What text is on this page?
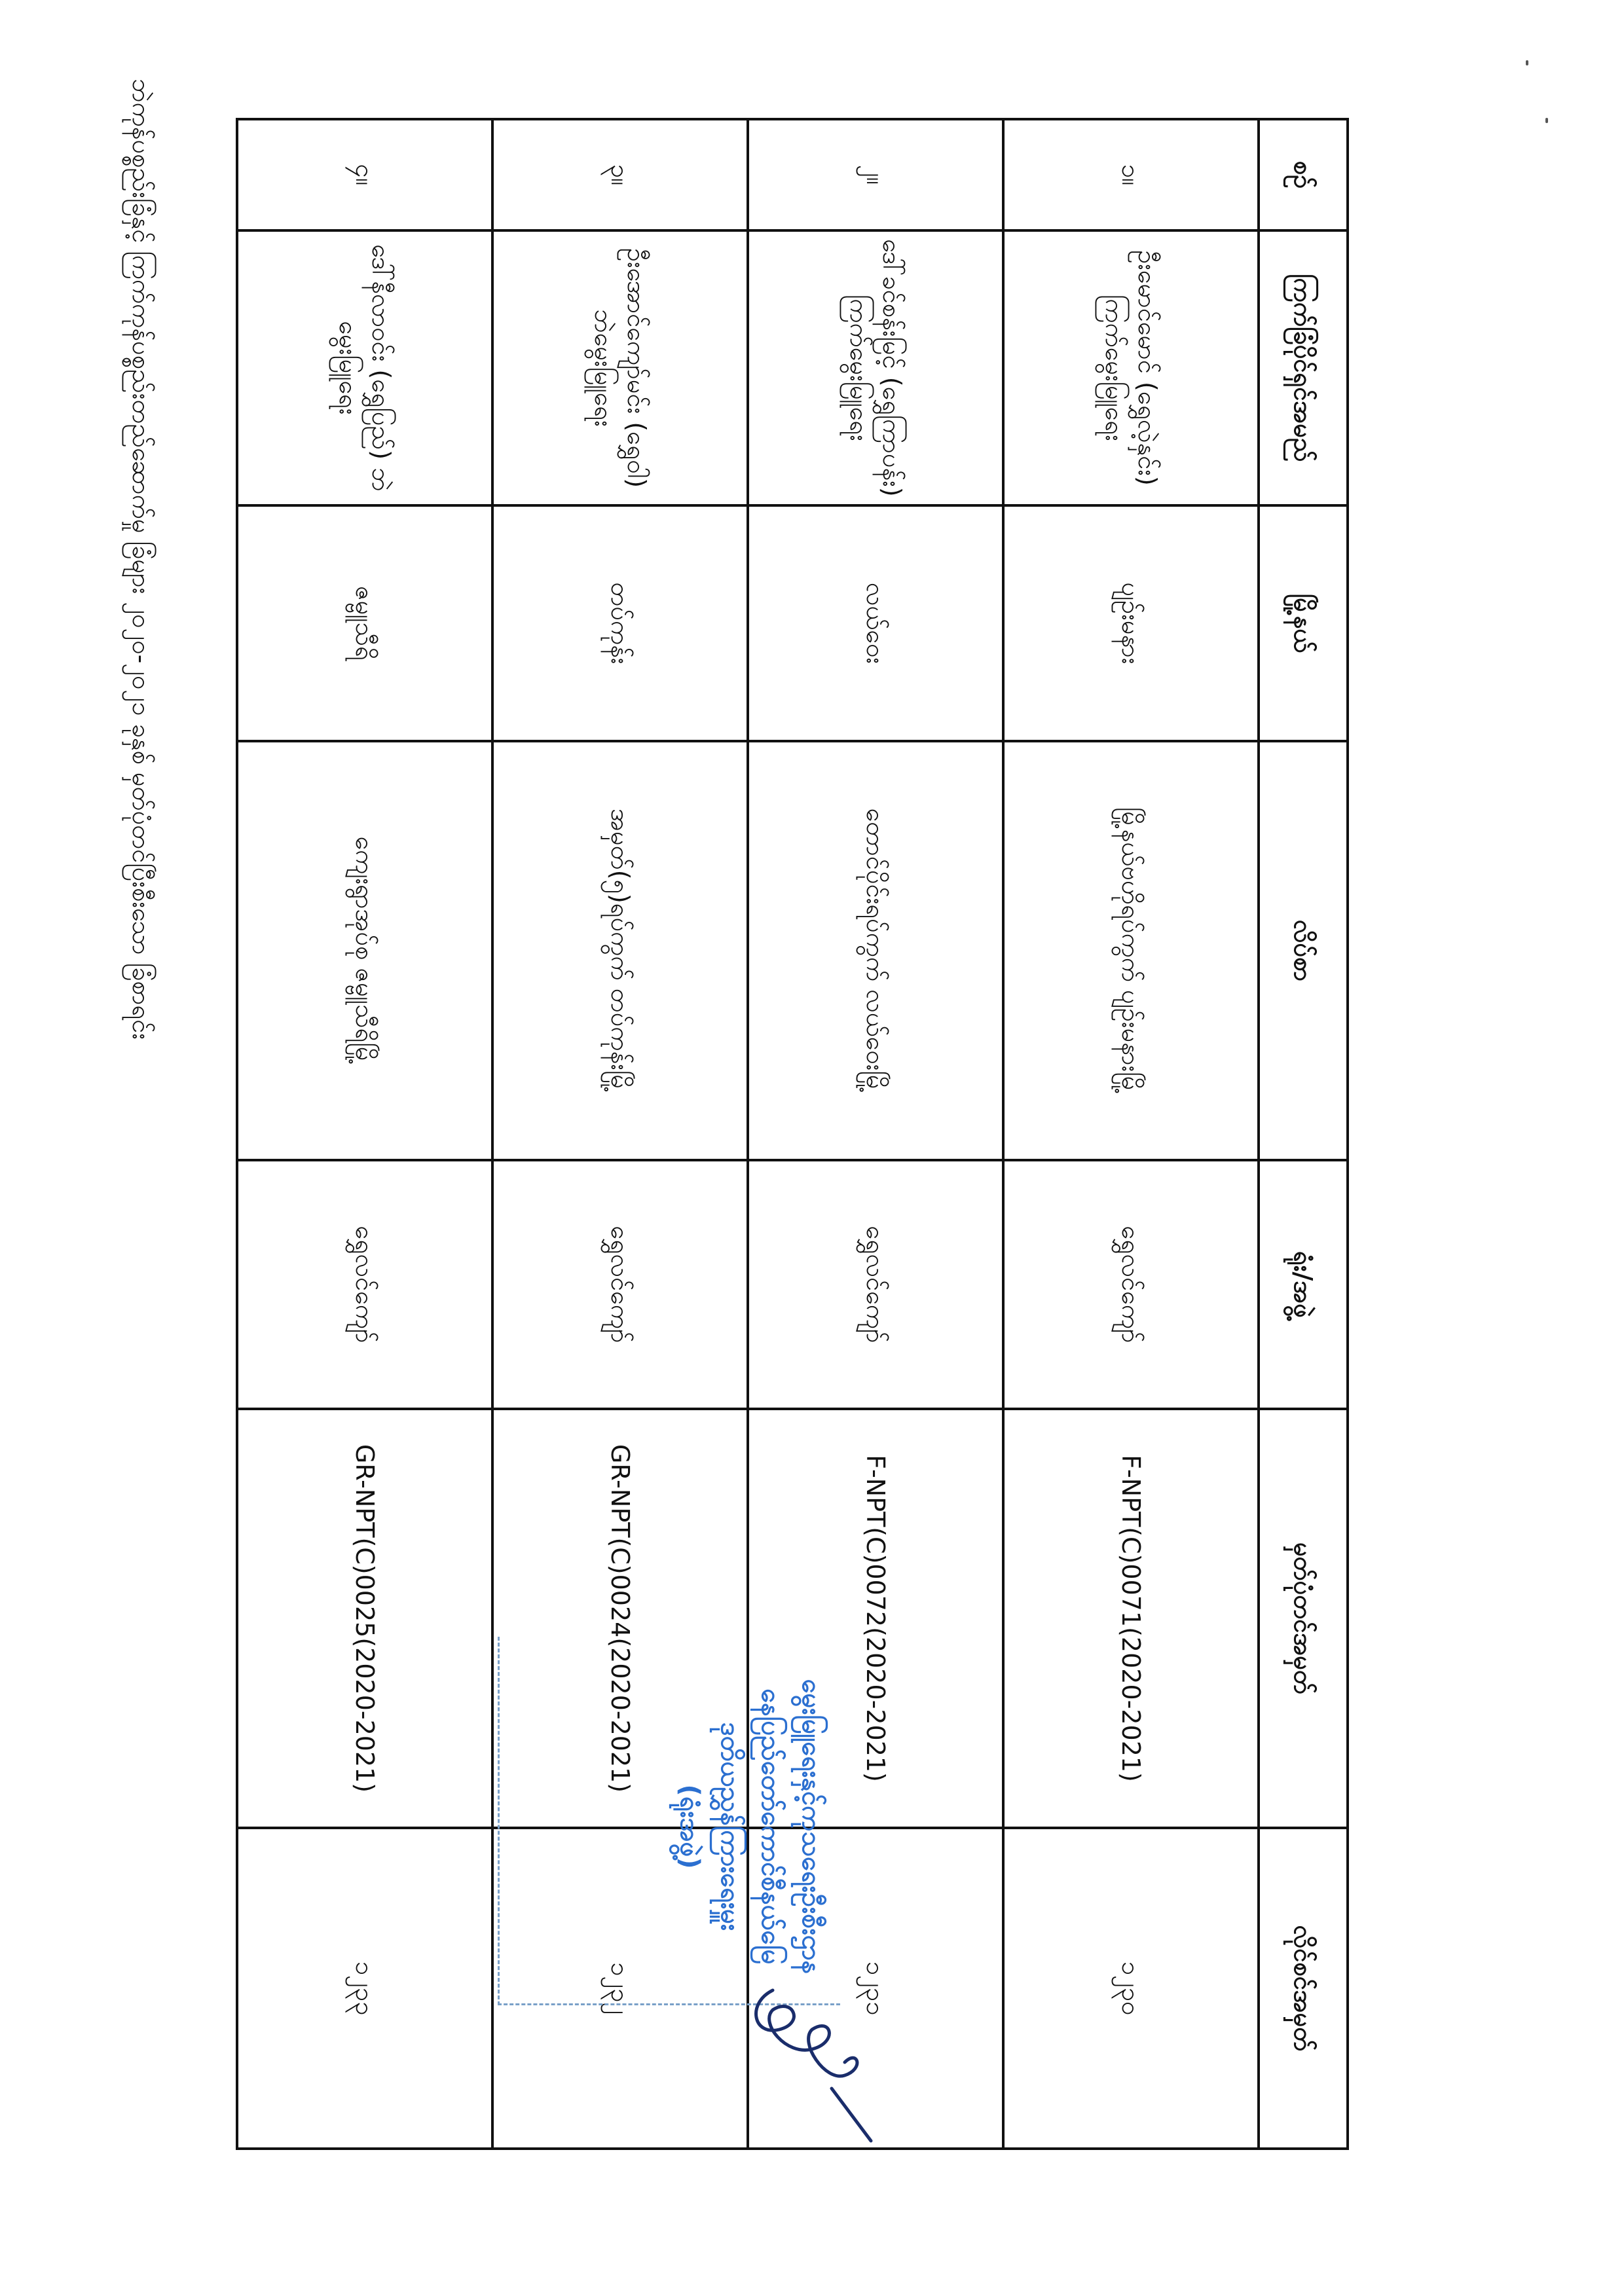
စဉ်	ကြက်ခြံပိုင်ရှင်အမည်	မြို့နယ်	လိပ်စာ	ရုံး/အဖွဲ့	မှတ်ပုံတင်အမှတ်	လိုင်စင်အမှတ်
၁။	ဦးမောင်မောင် (ရွှေလဲ့နှင်း) ကြက်မွေးမြူရေး	ပျဉ်းမနား	မြို့နယ်ဗဟိုရပ်ကွက် ပျဉ်းမနားမြို့	ရွှေလင်ကျော်	F-NPT(C)0071(2020-2021)	၁၂၃၀
၂။	ဒေါ်ခင်စန်းမြင့် (ရွှေကြာပန်း) ကြက်မွေးမြူရေး	လယ်ဝေး	တောင်ပိုင်းရပ်ကွက် လယ်ဝေးမြို့	ရွှေလင်ကျော်	F-NPT(C)0072(2020-2021)	၁၂၃၁
၃။	ဦးအောင်ကျော်မင်း (ရွှေဝါ) ဘဲမွေးမြူရေး	တပ်ကုန်း	အမှတ်(၅)ရပ်ကွက် တပ်ကုန်းမြို့	ရွှေလင်ကျော်	GR-NPT(C)0024(2020-2021)	၁၂၃၂
၄။	ဒေါ်နီလာဝင်း (ရွှေပြည်) ဘဲမွေးမြူရေး	ဇမ္ဗူသီရိ	ကျေးရွာအုပ်စု ဇမ္ဗူသီရိမြို့	ရွှေလင်ကျော်	GR-NPT(C)0025(2020-2021)	၁၂၃၃
ဘဲကုန်ပစ္စည်းခြံနှင့် ကြက်ကုန်ပစ္စည်းတည်ဆောက်မှု ခြံများ ၂၀၂၀-၂၀၂၁ ခုနှစ် မှတ်ပုံတင်ပြီးစီးသော ခြံစာရင်း
မွေးမြူရေးနှင့်ကုသရေးဦးစီးဌာန
နေပြည်တော်ကောင်စီနယ်မြေ
ဒုတိယညွှန်ကြားရေးမှူး
(ရုံးအဖွဲ့)
